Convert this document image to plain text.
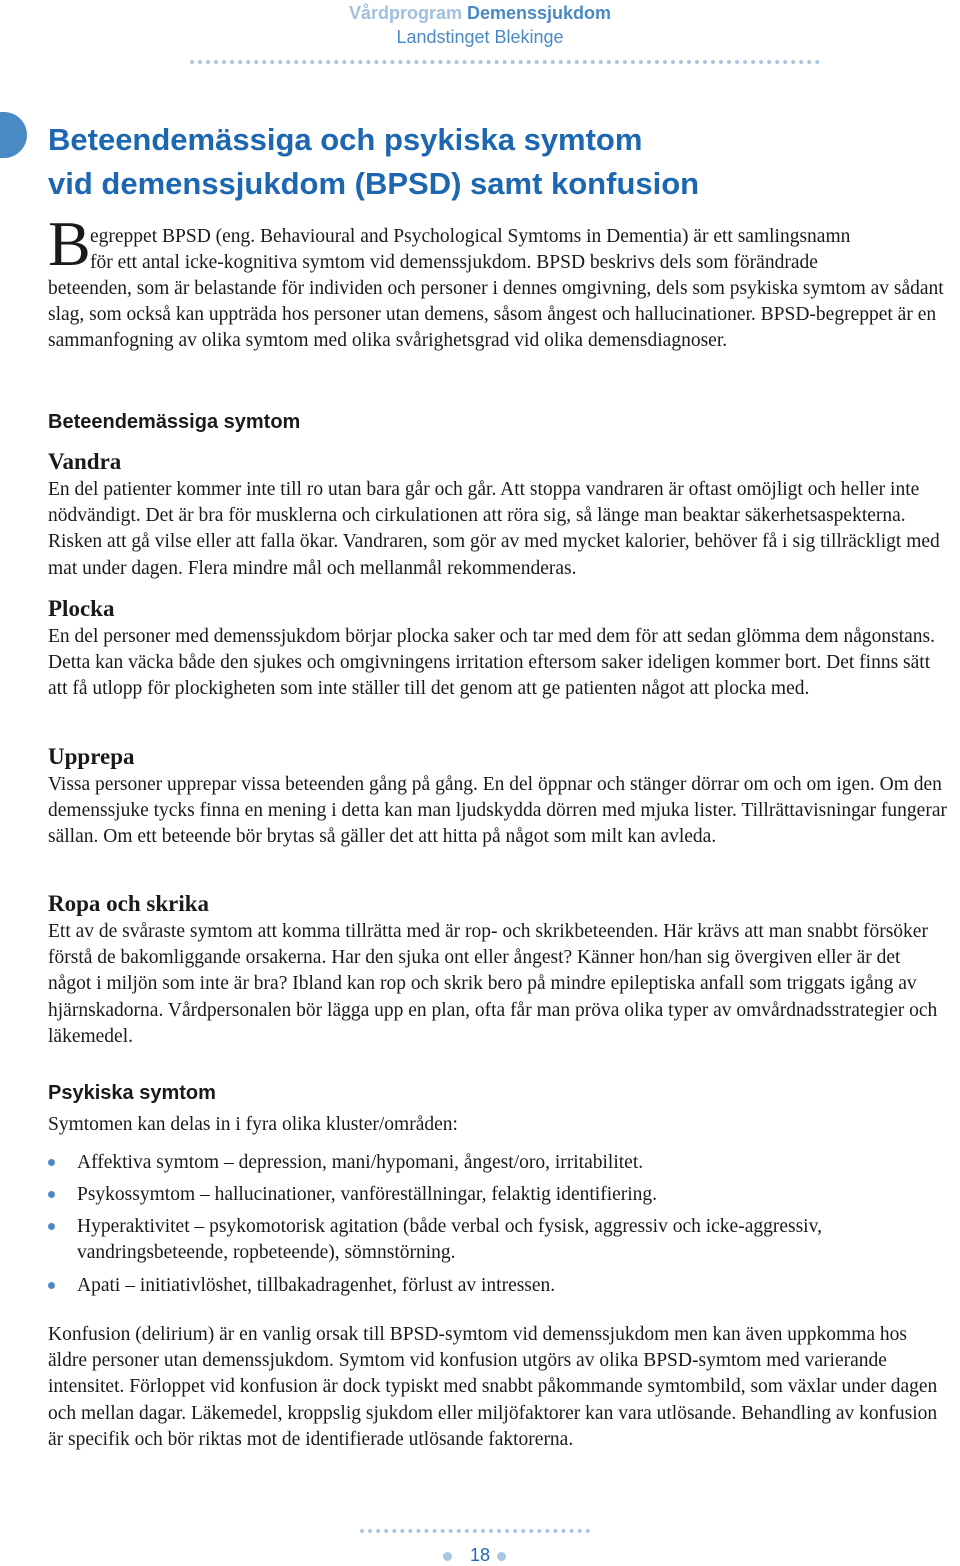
Vårdprogram Demenssjukdom
Landstinget Blekinge
Beteendemässiga och psykiska symtom
vid demenssjukdom (BPSD) samt konfusion
B egreppet BPSD (eng. Behavioural and Psychological Symtoms in Dementia) är ett samlingsnamn
för ett antal icke-kognitiva symtom vid demenssjukdom. BPSD beskrivs dels som förändrade
beteenden, som är belastande för individen och personer i dennes omgivning, dels som psykiska symtom av sådant slag, som också kan uppträda hos personer utan demens, såsom ångest och hallucinationer. BPSD-begreppet är en sammanfogning av olika symtom med olika svårighetsgrad vid olika demensdiagnoser.
Beteendemässiga symtom
Vandra
En del patienter kommer inte till ro utan bara går och går. Att stoppa vandraren är oftast omöjligt och heller inte nödvändigt. Det är bra för musklerna och cirkulationen att röra sig, så länge man beaktar säkerhetsaspekterna. Risken att gå vilse eller att falla ökar. Vandraren, som gör av med mycket kalorier, behöver få i sig tillräckligt med mat under dagen. Flera mindre mål och mellanmål rekommenderas.
Plocka
En del personer med demenssjukdom börjar plocka saker och tar med dem för att sedan glömma dem någonstans. Detta kan väcka både den sjukes och omgivningens irritation eftersom saker ideligen kommer bort. Det finns sätt att få utlopp för plockigheten som inte ställer till det genom att ge patienten något att plocka med.
Upprepa
Vissa personer upprepar vissa beteenden gång på gång. En del öppnar och stänger dörrar om och om igen. Om den demenssjuke tycks finna en mening i detta kan man ljudskydda dörren med mjuka lister. Tillrättavisningar fungerar sällan. Om ett beteende bör brytas så gäller det att hitta på något som milt kan avleda.
Ropa och skrika
Ett av de svåraste symtom att komma tillrätta med är rop- och skrikbeteenden. Här krävs att man snabbt försöker förstå de bakomliggande orsakerna. Har den sjuka ont eller ångest? Känner hon/han sig övergiven eller är det något i miljön som inte är bra? Ibland kan rop och skrik bero på mindre epileptiska anfall som triggats igång av hjärnskadorna. Vårdpersonalen bör lägga upp en plan, ofta får man pröva olika typer av omvårdnadsstrategier och läkemedel.
Psykiska symtom
Symtomen kan delas in i fyra olika kluster/områden:
Affektiva symtom – depression, mani/hypomani, ångest/oro, irritabilitet.
Psykossymtom – hallucinationer, vanföreställningar, felaktig identifiering.
Hyperaktivitet – psykomotorisk agitation (både verbal och fysisk, aggressiv och icke-aggressiv, vandringsbeteende, ropbeteende), sömnstörning.
Apati – initiativlöshet, tillbakadragenhet, förlust av intressen.
Konfusion (delirium) är en vanlig orsak till BPSD-symtom vid demenssjukdom men kan även uppkomma hos äldre personer utan demenssjukdom. Symtom vid konfusion utgörs av olika BPSD-symtom med varierande intensitet. Förloppet vid konfusion är dock typiskt med snabbt påkommande symtombild, som växlar under dagen och mellan dagar. Läkemedel, kroppslig sjukdom eller miljöfaktorer kan vara utlösande. Behandling av konfusion är specifik och bör riktas mot de identifierade utlösande faktorerna.
18
